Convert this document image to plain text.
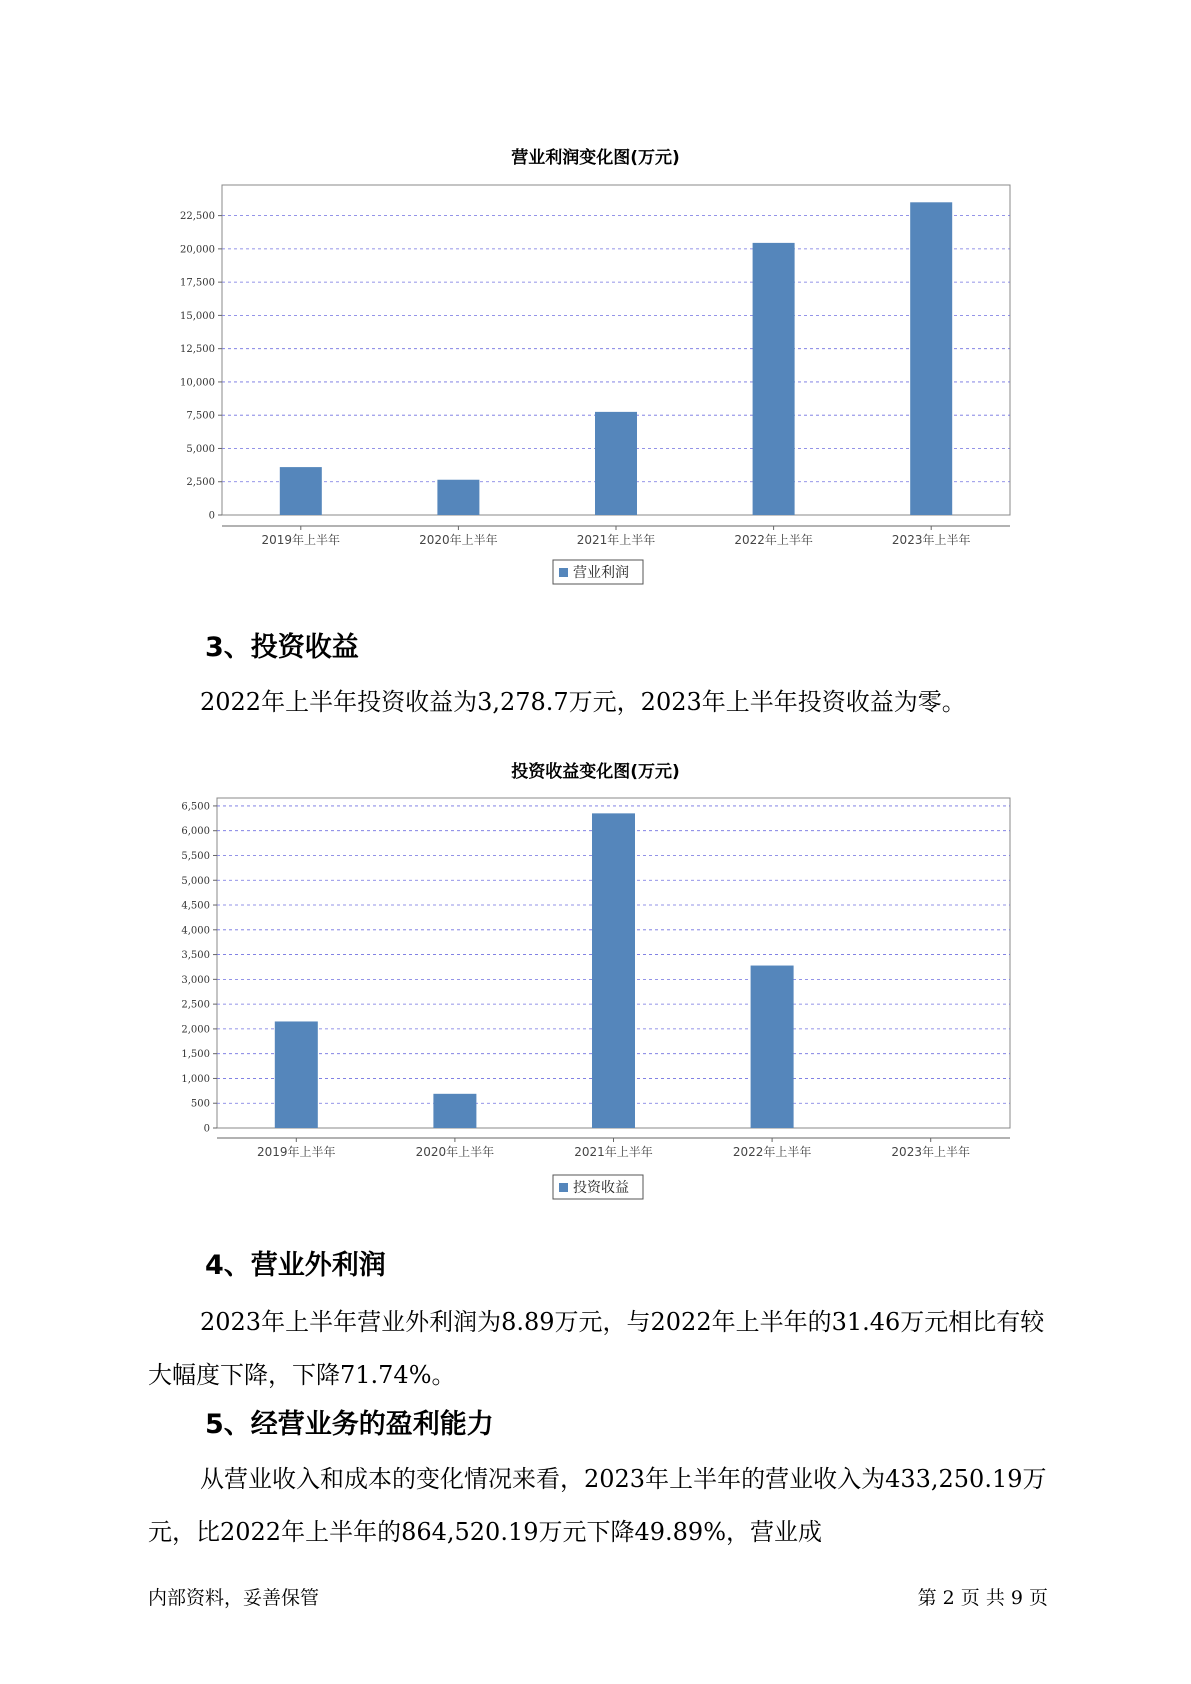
营业利润变化图(万元)
0
2,500
5,000
7,500
10,000
12,500
15,000
17,500
20,000
22,500
2019年上半年	2020年上半年	2021年上半年	2022年上半年	2023年上半年
营业利润
3、投资收益

2022年上半年投资收益为3,278.7万元，2023年上半年投资收益为零。

投资收益变化图(万元)
0
500
1,000
1,500
2,000
2,500
3,000
3,500
4,000
4,500
5,000
5,500
6,000
6,500
2019年上半年	2020年上半年	2021年上半年	2022年上半年	2023年上半年
投资收益
4、营业外利润

2023年上半年营业外利润为8.89万元，与2022年上半年的31.46万元相比有较大幅度下降，下降71.74%。

5、经营业务的盈利能力

从营业收入和成本的变化情况来看，2023年上半年的营业收入为433,250.19万元，比2022年上半年的864,520.19万元下降49.89%，营业成

内部资料，妥善保管	第 2 页 共 9 页
